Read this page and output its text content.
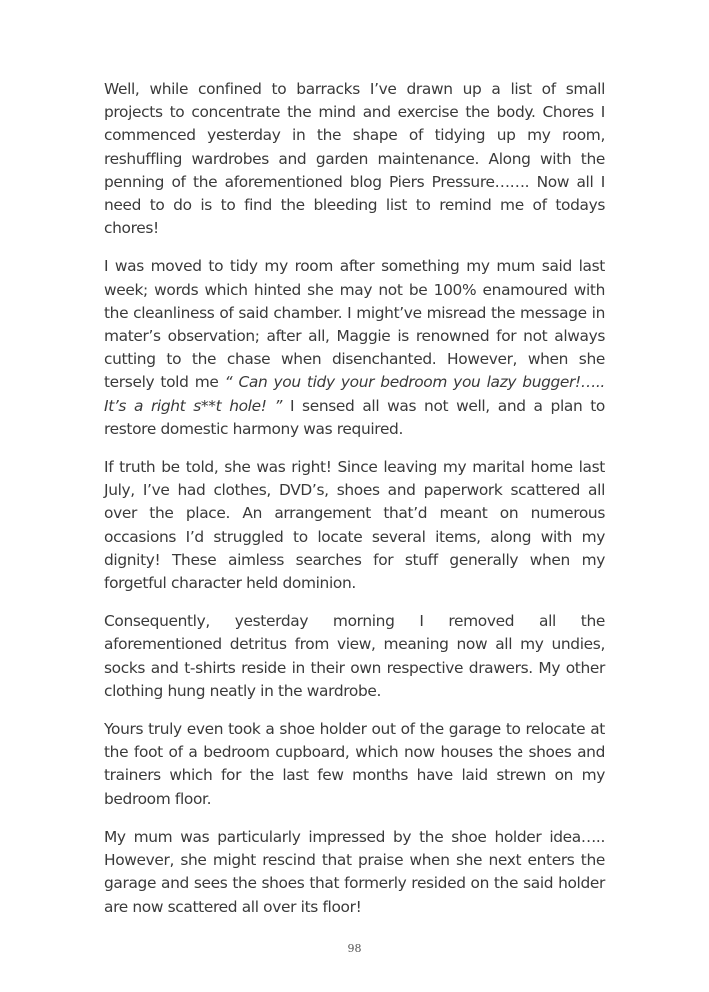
Well, while confined to barracks I’ve drawn up a list of small projects to concentrate the mind and exercise the body. Chores I commenced yesterday in the shape of tidying up my room, reshuffling wardrobes and garden maintenance. Along with the penning of the aforementioned blog Piers Pressure……. Now all I need to do is to find the bleeding list to remind me of todays chores!

I was moved to tidy my room after something my mum said last week; words which hinted she may not be 100% enamoured with the cleanliness of said chamber. I might’ve misread the message in mater’s observation; after all, Maggie is renowned for not always cutting to the chase when disenchanted. However, when she tersely told me “ Can you tidy your bedroom you lazy bugger!….. It’s a right s**t hole! ” I sensed all was not well, and a plan to restore domestic harmony was required.

If truth be told, she was right! Since leaving my marital home last July, I’ve had clothes, DVD’s, shoes and paperwork scattered all over the place. An arrangement that’d meant on numerous occasions I’d struggled to locate several items, along with my dignity! These aimless searches for stuff generally when my forgetful character held dominion.

Consequently, yesterday morning I removed all the aforementioned detritus from view, meaning now all my undies, socks and t-shirts reside in their own respective drawers. My other clothing hung neatly in the wardrobe.

Yours truly even took a shoe holder out of the garage to relocate at the foot of a bedroom cupboard, which now houses the shoes and trainers which for the last few months have laid strewn on my bedroom floor.

My mum was particularly impressed by the shoe holder idea….. However, she might rescind that praise when she next enters the garage and sees the shoes that formerly resided on the said holder are now scattered all over its floor!

98
